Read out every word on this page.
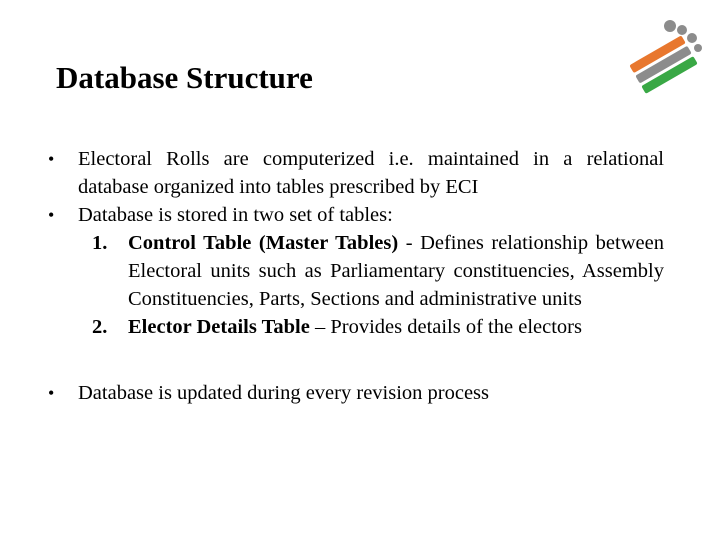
Database Structure
• Electoral Rolls are computerized i.e. maintained in a relational database organized into tables prescribed by ECI
• Database is stored in two set of tables:
1. Control Table (Master Tables) - Defines relationship between Electoral units such as Parliamentary constituencies, Assembly Constituencies, Parts, Sections and administrative units
2. Elector Details Table – Provides details of the electors
• Database is updated during every revision process
